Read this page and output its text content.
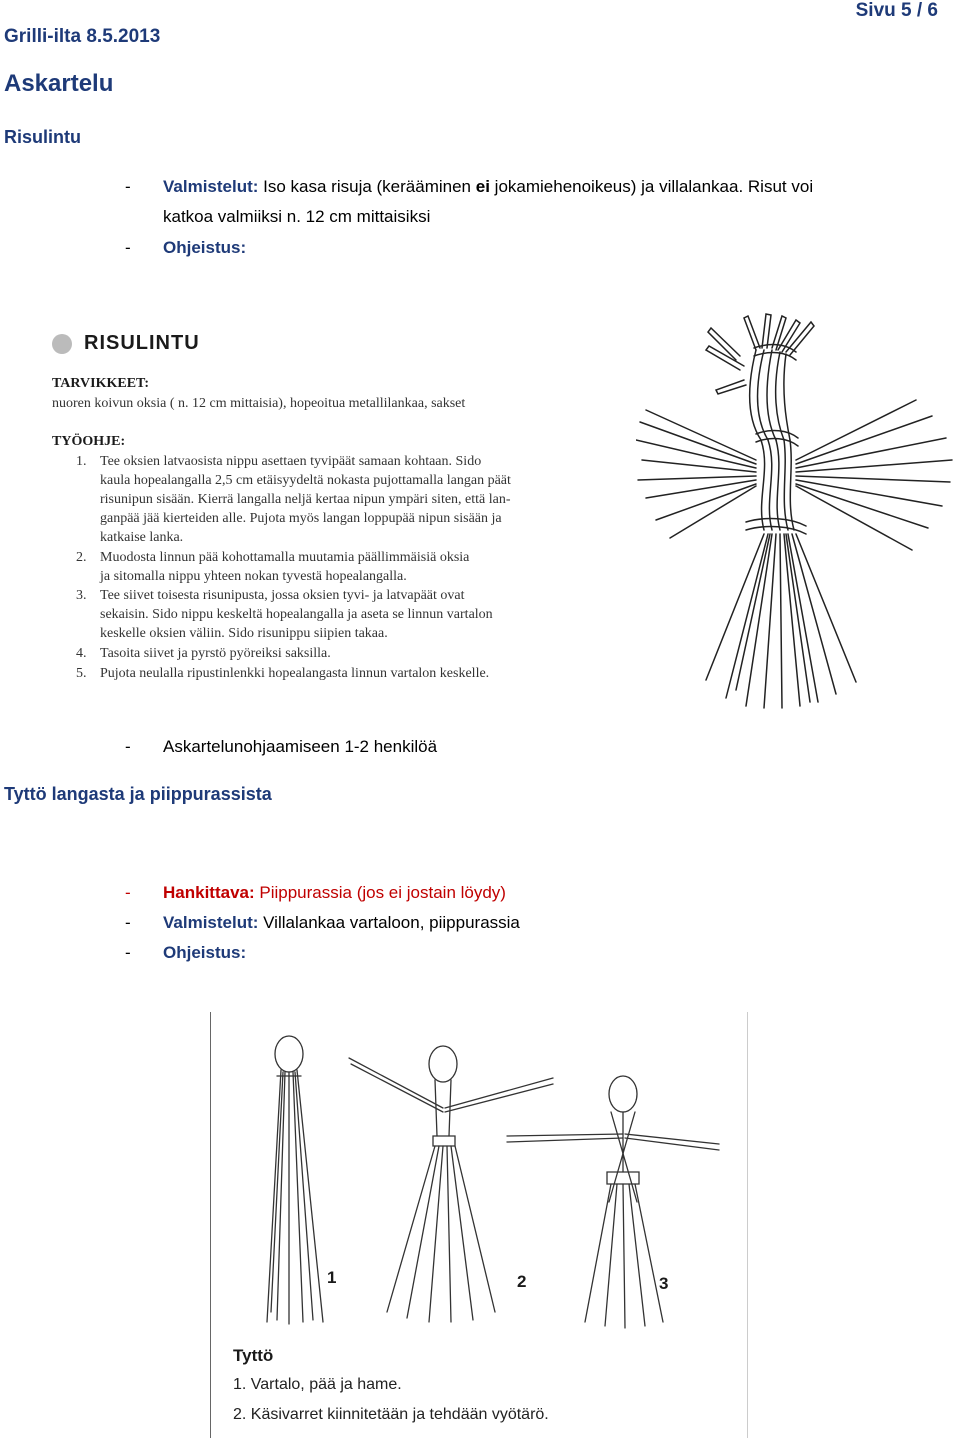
Grilli-ilta 8.5.2013
Sivu 5 / 6
Askartelu
Risulintu
- Valmistelut: Iso kasa risuja (kerääminen ei jokamiehenoikeus) ja villalankaa. Risut voi
katkoa valmiiksi n. 12 cm mittaisiksi
- Ohjeistus:
RISULINTU
TARVIKKEET:
nuoren koivun oksia ( n. 12 cm mittaisia), hopeoitua metallilankaa, sakset
TYÖOHJE:
1. Tee oksien latvaosista nippu asettaen tyvipäät samaan kohtaan. Sido
kaula hopealangalla 2,5 cm etäisyydeltä nokasta pujottamalla langan päät
risunipun sisään. Kierrä langalla neljä kertaa nipun ympäri siten, että lan-
ganpää jää kierteiden alle. Pujota myös langan loppupää nipun sisään ja
katkaise lanka.
2. Muodosta linnun pää kohottamalla muutamia päällimmäisiä oksia
ja sitomalla nippu yhteen nokan tyvestä hopealangalla.
3. Tee siivet toisesta risunipusta, jossa oksien tyvi- ja latvapäät ovat
sekaisin. Sido nippu keskeltä hopealangalla ja aseta se linnun vartalon
keskelle oksien väliin. Sido risunippu siipien takaa.
4. Tasoita siivet ja pyrstö pyöreiksi saksilla.
5. Pujota neulalla ripustinlenkki hopealangasta linnun vartalon keskelle.
- Askartelunohjaamiseen 1-2 henkilöä
Tyttö langasta ja piippurassista
- Hankittava: Piippurassia (jos ei jostain löydy)
- Valmistelut: Villalankaa vartaloon, piippurassia
- Ohjeistus:
1	2	3
Tyttö
1. Vartalo, pää ja hame.
2. Käsivarret kiinnitetään ja tehdään vyötärö.
